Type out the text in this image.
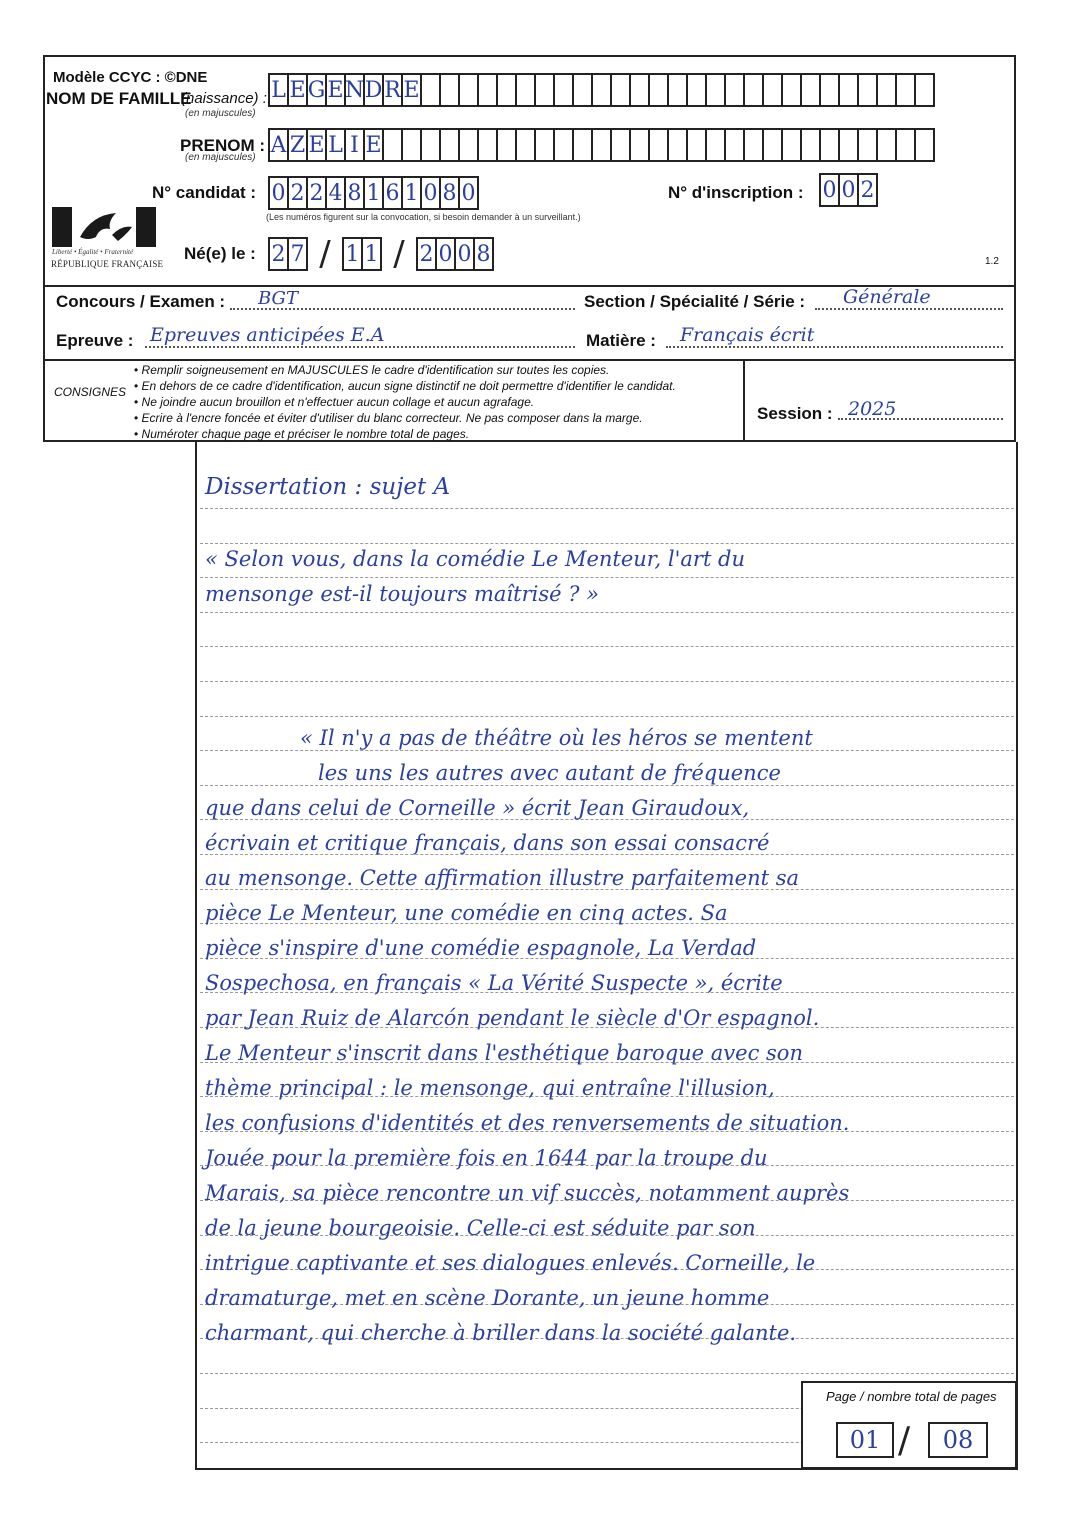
Modèle CCYC : ©DNE
NOM DE FAMILLE
(naissance) :
(en majuscules)
L E G E N D R E
PRENOM :
(en majuscules) A Z E L I E
N° candidat : 0 2 2 4 8 1 6 1 0 8 0
(Les numéros figurent sur la convocation, si besoin demander à un surveillant.)
N° d'inscription : 0 0 2
Liberté • Égalité • Fraternité
RÉPUBLIQUE FRANÇAISE
Né(e) le : 2 7 / 1 1 / 2 0 0 8	1.2
Concours / Examen : BGT	Section / Spécialité / Série : Générale
Epreuve : Epreuves anticipées E.A	Matière : Français écrit
CONSIGNES
• Remplir soigneusement en MAJUSCULES le cadre d'identification sur toutes les copies.
• En dehors de ce cadre d'identification, aucun signe distinctif ne doit permettre d'identifier le candidat.
• Ne joindre aucun brouillon et n'effectuer aucun collage et aucun agrafage.
• Ecrire à l'encre foncée et éviter d'utiliser du blanc correcteur. Ne pas composer dans la marge.
• Numéroter chaque page et préciser le nombre total de pages.
Session : 2025
Dissertation : sujet A
« Selon vous, dans la comédie Le Menteur, l'art du
mensonge est-il toujours maîtrisé ? »
« Il n'y a pas de théâtre où les héros se mentent
les uns les autres avec autant de fréquence
que dans celui de Corneille » écrit Jean Giraudoux,
écrivain et critique français, dans son essai consacré
au mensonge. Cette affirmation illustre parfaitement sa
pièce Le Menteur, une comédie en cinq actes. Sa
pièce s'inspire d'une comédie espagnole, La Verdad
Sospechosa, en français « La Vérité Suspecte », écrite
par Jean Ruiz de Alarcón pendant le siècle d'Or espagnol.
Le Menteur s'inscrit dans l'esthétique baroque avec son
thème principal : le mensonge, qui entraîne l'illusion,
les confusions d'identités et des renversements de situation.
Jouée pour la première fois en 1644 par la troupe du
Marais, sa pièce rencontre un vif succès, notamment auprès
de la jeune bourgeoisie. Celle-ci est séduite par son
intrigue captivante et ses dialogues enlevés. Corneille, le
dramaturge, met en scène Dorante, un jeune homme
charmant, qui cherche à briller dans la société galante.
Page / nombre total de pages
01 /	08
